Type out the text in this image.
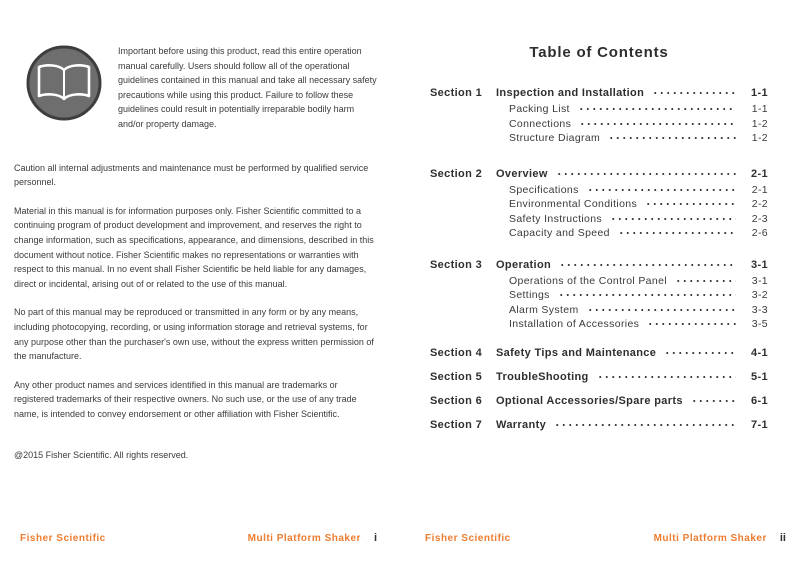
Important before using this product, read this entire operation manual carefully. Users should follow all of the operational guidelines contained in this manual and take all necessary safety precautions while using this product. Failure to follow these guidelines could result in potentially irreparable bodily harm and/or property damage.
Caution all internal adjustments and maintenance must be performed by qualified service personnel.
Material in this manual is for information purposes only. Fisher Scientific committed to a continuing program of product development and improvement, and reserves the right to change information, such as specifications, appearance, and dimensions, described in this document without notice. Fisher Scientific makes no representations or warranties with respect to this manual. In no event shall Fisher Scientific be held liable for any damages, direct or incidental, arising out of or related to the use of this manual.
No part of this manual may be reproduced or transmitted in any form or by any means, including photocopying, recording, or using information storage and retrieval systems, for any purpose other than the purchaser's own use, without the express written permission of the manufacture.
Any other product names and services identified in this manual are trademarks or registered trademarks of their respective owners. No such use, or the use of any trade name, is intended to convey endorsement or other affiliation with Fisher Scientific.
@2015 Fisher Scientific. All rights reserved.
Table of Contents
Section 1	Inspection and Installation	1-1
Packing List	1-1
Connections	1-2
Structure Diagram	1-2
Section 2	Overview	2-1
Specifications	2-1
Environmental Conditions	2-2
Safety Instructions	2-3
Capacity and Speed	2-6
Section 3	Operation	3-1
Operations of the Control Panel	3-1
Settings	3-2
Alarm System	3-3
Installation of Accessories	3-5
Section 4	Safety Tips and Maintenance	4-1
Section 5	TroubleShooting	5-1
Section 6	Optional Accessories/Spare parts	6-1
Section 7	Warranty	7-1
Fisher Scientific	Multi Platform Shaker i	Fisher Scientific	Multi Platform Shaker ii
